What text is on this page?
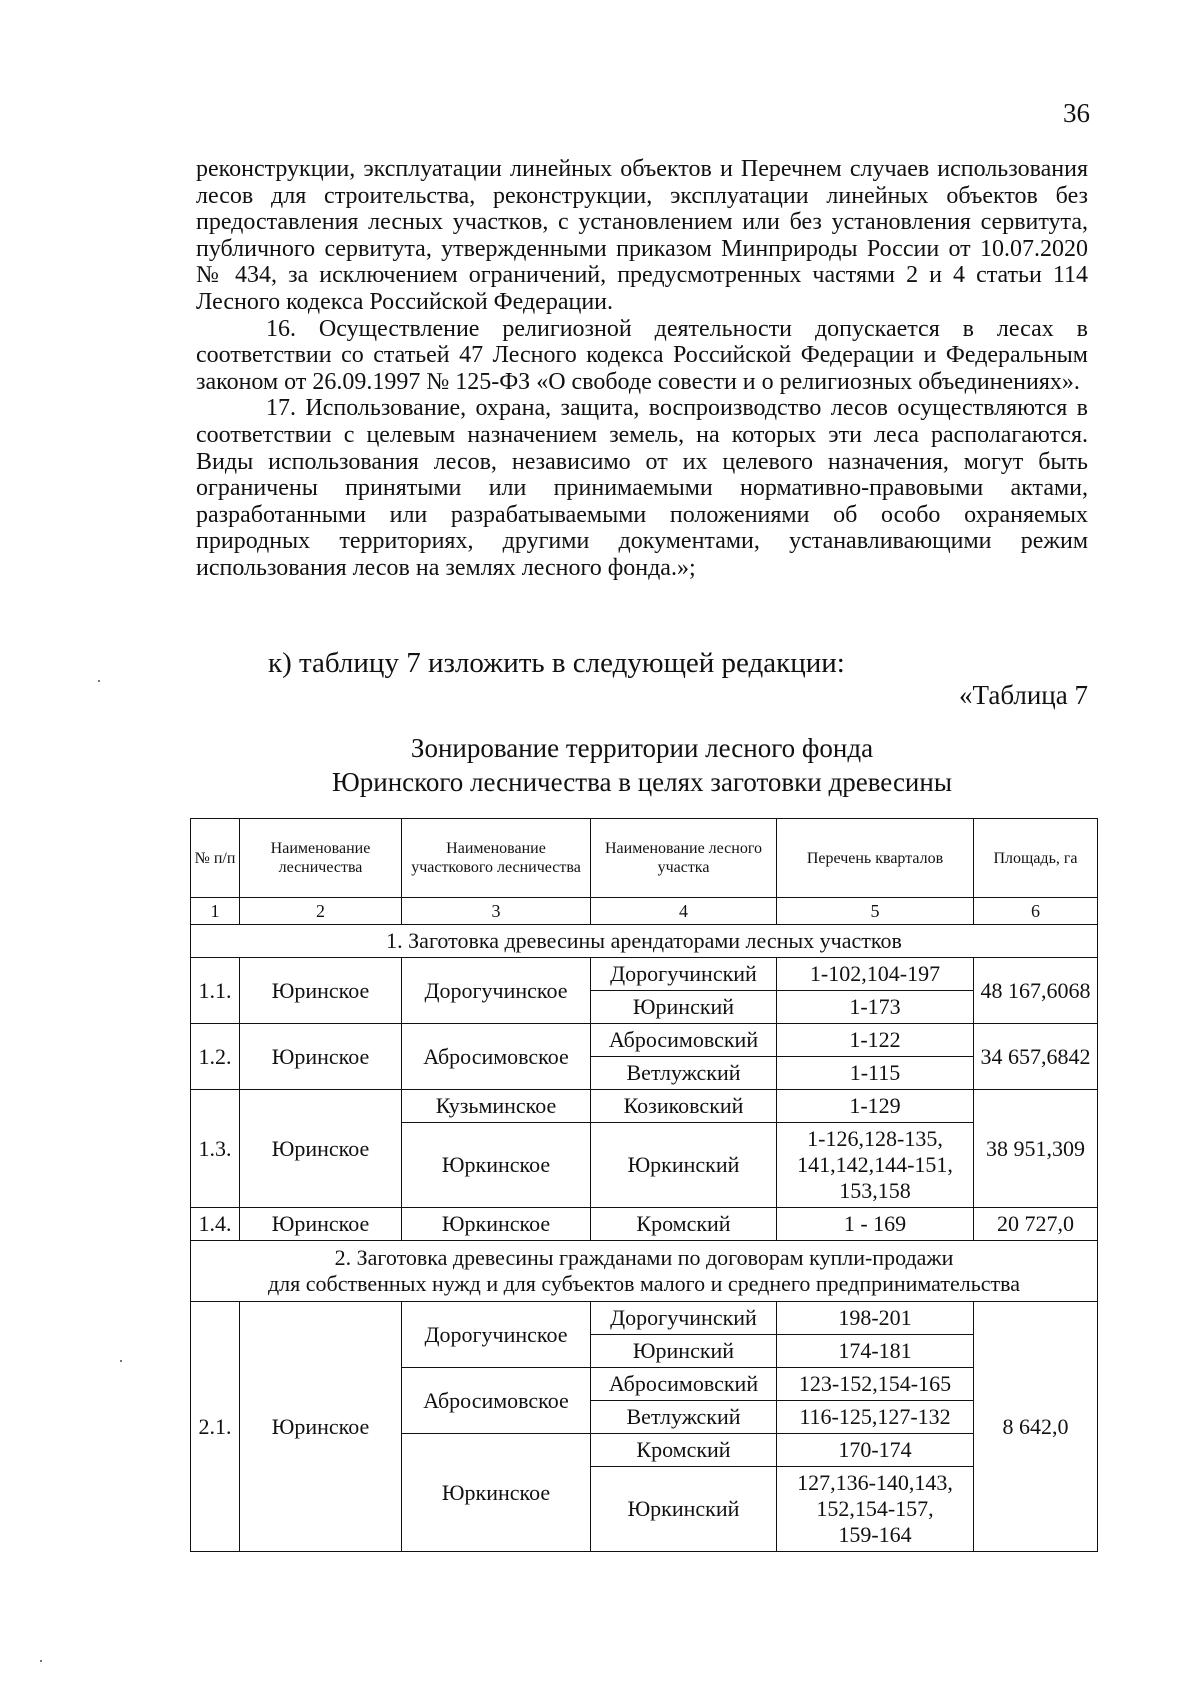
36

реконструкции, эксплуатации линейных объектов и Перечнем случаев использования лесов для строительства, реконструкции, эксплуатации линейных объектов без предоставления лесных участков, с установлением или без установления сервитута, публичного сервитута, утвержденными приказом Минприроды России от 10.07.2020 № 434, за исключением ограничений, предусмотренных частями 2 и 4 статьи 114 Лесного кодекса Российской Федерации.

16. Осуществление религиозной деятельности допускается в лесах в соответствии со статьей 47 Лесного кодекса Российской Федерации и Федеральным законом от 26.09.1997 № 125-ФЗ «О свободе совести и о религиозных объединениях».

17. Использование, охрана, защита, воспроизводство лесов осуществляются в соответствии с целевым назначением земель, на которых эти леса располагаются. Виды использования лесов, независимо от их целевого назначения, могут быть ограничены принятыми или принимаемыми нормативно-правовыми актами, разработанными или разрабатываемыми положениями об особо охраняемых природных территориях, другими документами, устанавливающими режим использования лесов на землях лесного фонда.»;

к) таблицу 7 изложить в следующей редакции:
«Таблица 7
Зонирование территории лесного фонда
Юринского лесничества в целях заготовки древесины
№ п/п	Наименование лесничества	Наименование участкового лесничества	Наименование лесного участка	Перечень кварталов	Площадь, га
1	2	3	4	5	6
1. Заготовка древесины арендаторами лесных участков					
1.1.	Юринское	Дорогучинское	Дорогучинский	1-102,104-197	48 167,6068
			Юринский	1-173	
1.2.	Юринское	Абросимовское	Абросимовский	1-122	34 657,6842
			Ветлужский	1-115	
1.3.	Юринское	Кузьминское	Козиковский	1-129	38 951,309
		Юркинское	Юркинский	1-126,128-135,
141,142,144-151,
153,158	

1.4.	Юринское	Юркинское	Кромский	1 - 169	20 727,0

2. Заготовка древесины гражданами по договорам купли-продажи
для собственных нужд и для субъектов малого и среднего предпринимательства					

2.1.	Юринское	Дорогучинское	Дорогучинский	198-201	8 642,0
			Юринский	174-181	
		Абросимовское	Абросимовский	123-152,154-165	
			Ветлужский	116-125,127-132	
		Юркинское	Кромский	170-174	
			Юркинский	127,136-140,143,
152,154-157,
159-164	
